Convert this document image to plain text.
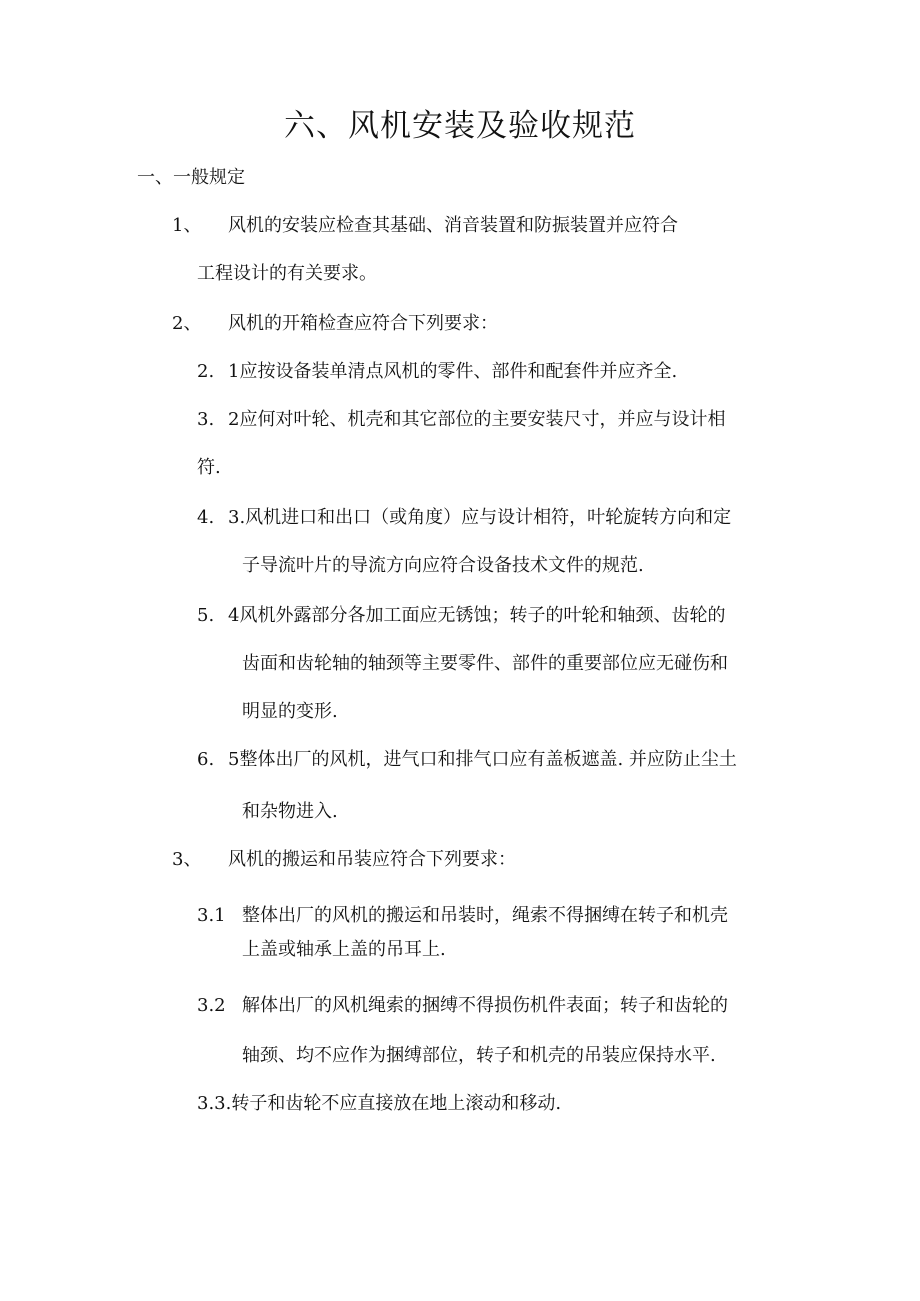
六、风机安装及验收规范
一、一般规定
1、 风机的安装应检查其基础、消音装置和防振装置并应符合
工程设计的有关要求。
2、 风机的开箱检查应符合下列要求：
2. 1应按设备装单清点风机的零件、部件和配套件并应齐全.
3. 2应何对叶轮、机壳和其它部位的主要安装尺寸，并应与设计相
符.
4. 3.风机进口和出口（或角度）应与设计相符，叶轮旋转方向和定
子导流叶片的导流方向应符合设备技术文件的规范.
5. 4风机外露部分各加工面应无锈蚀；转子的叶轮和轴颈、齿轮的
齿面和齿轮轴的轴颈等主要零件、部件的重要部位应无碰伤和
明显的变形.
6. 5整体出厂的风机，进气口和排气口应有盖板遮盖. 并应防止尘土
和杂物进入.
3、 风机的搬运和吊装应符合下列要求：
3.1 整体出厂的风机的搬运和吊装时，绳索不得捆缚在转子和机壳
上盖或轴承上盖的吊耳上.
3.2 解体出厂的风机绳索的捆缚不得损伤机件表面；转子和齿轮的
轴颈、均不应作为捆缚部位，转子和机壳的吊装应保持水平.
3.3.转子和齿轮不应直接放在地上滚动和移动.
